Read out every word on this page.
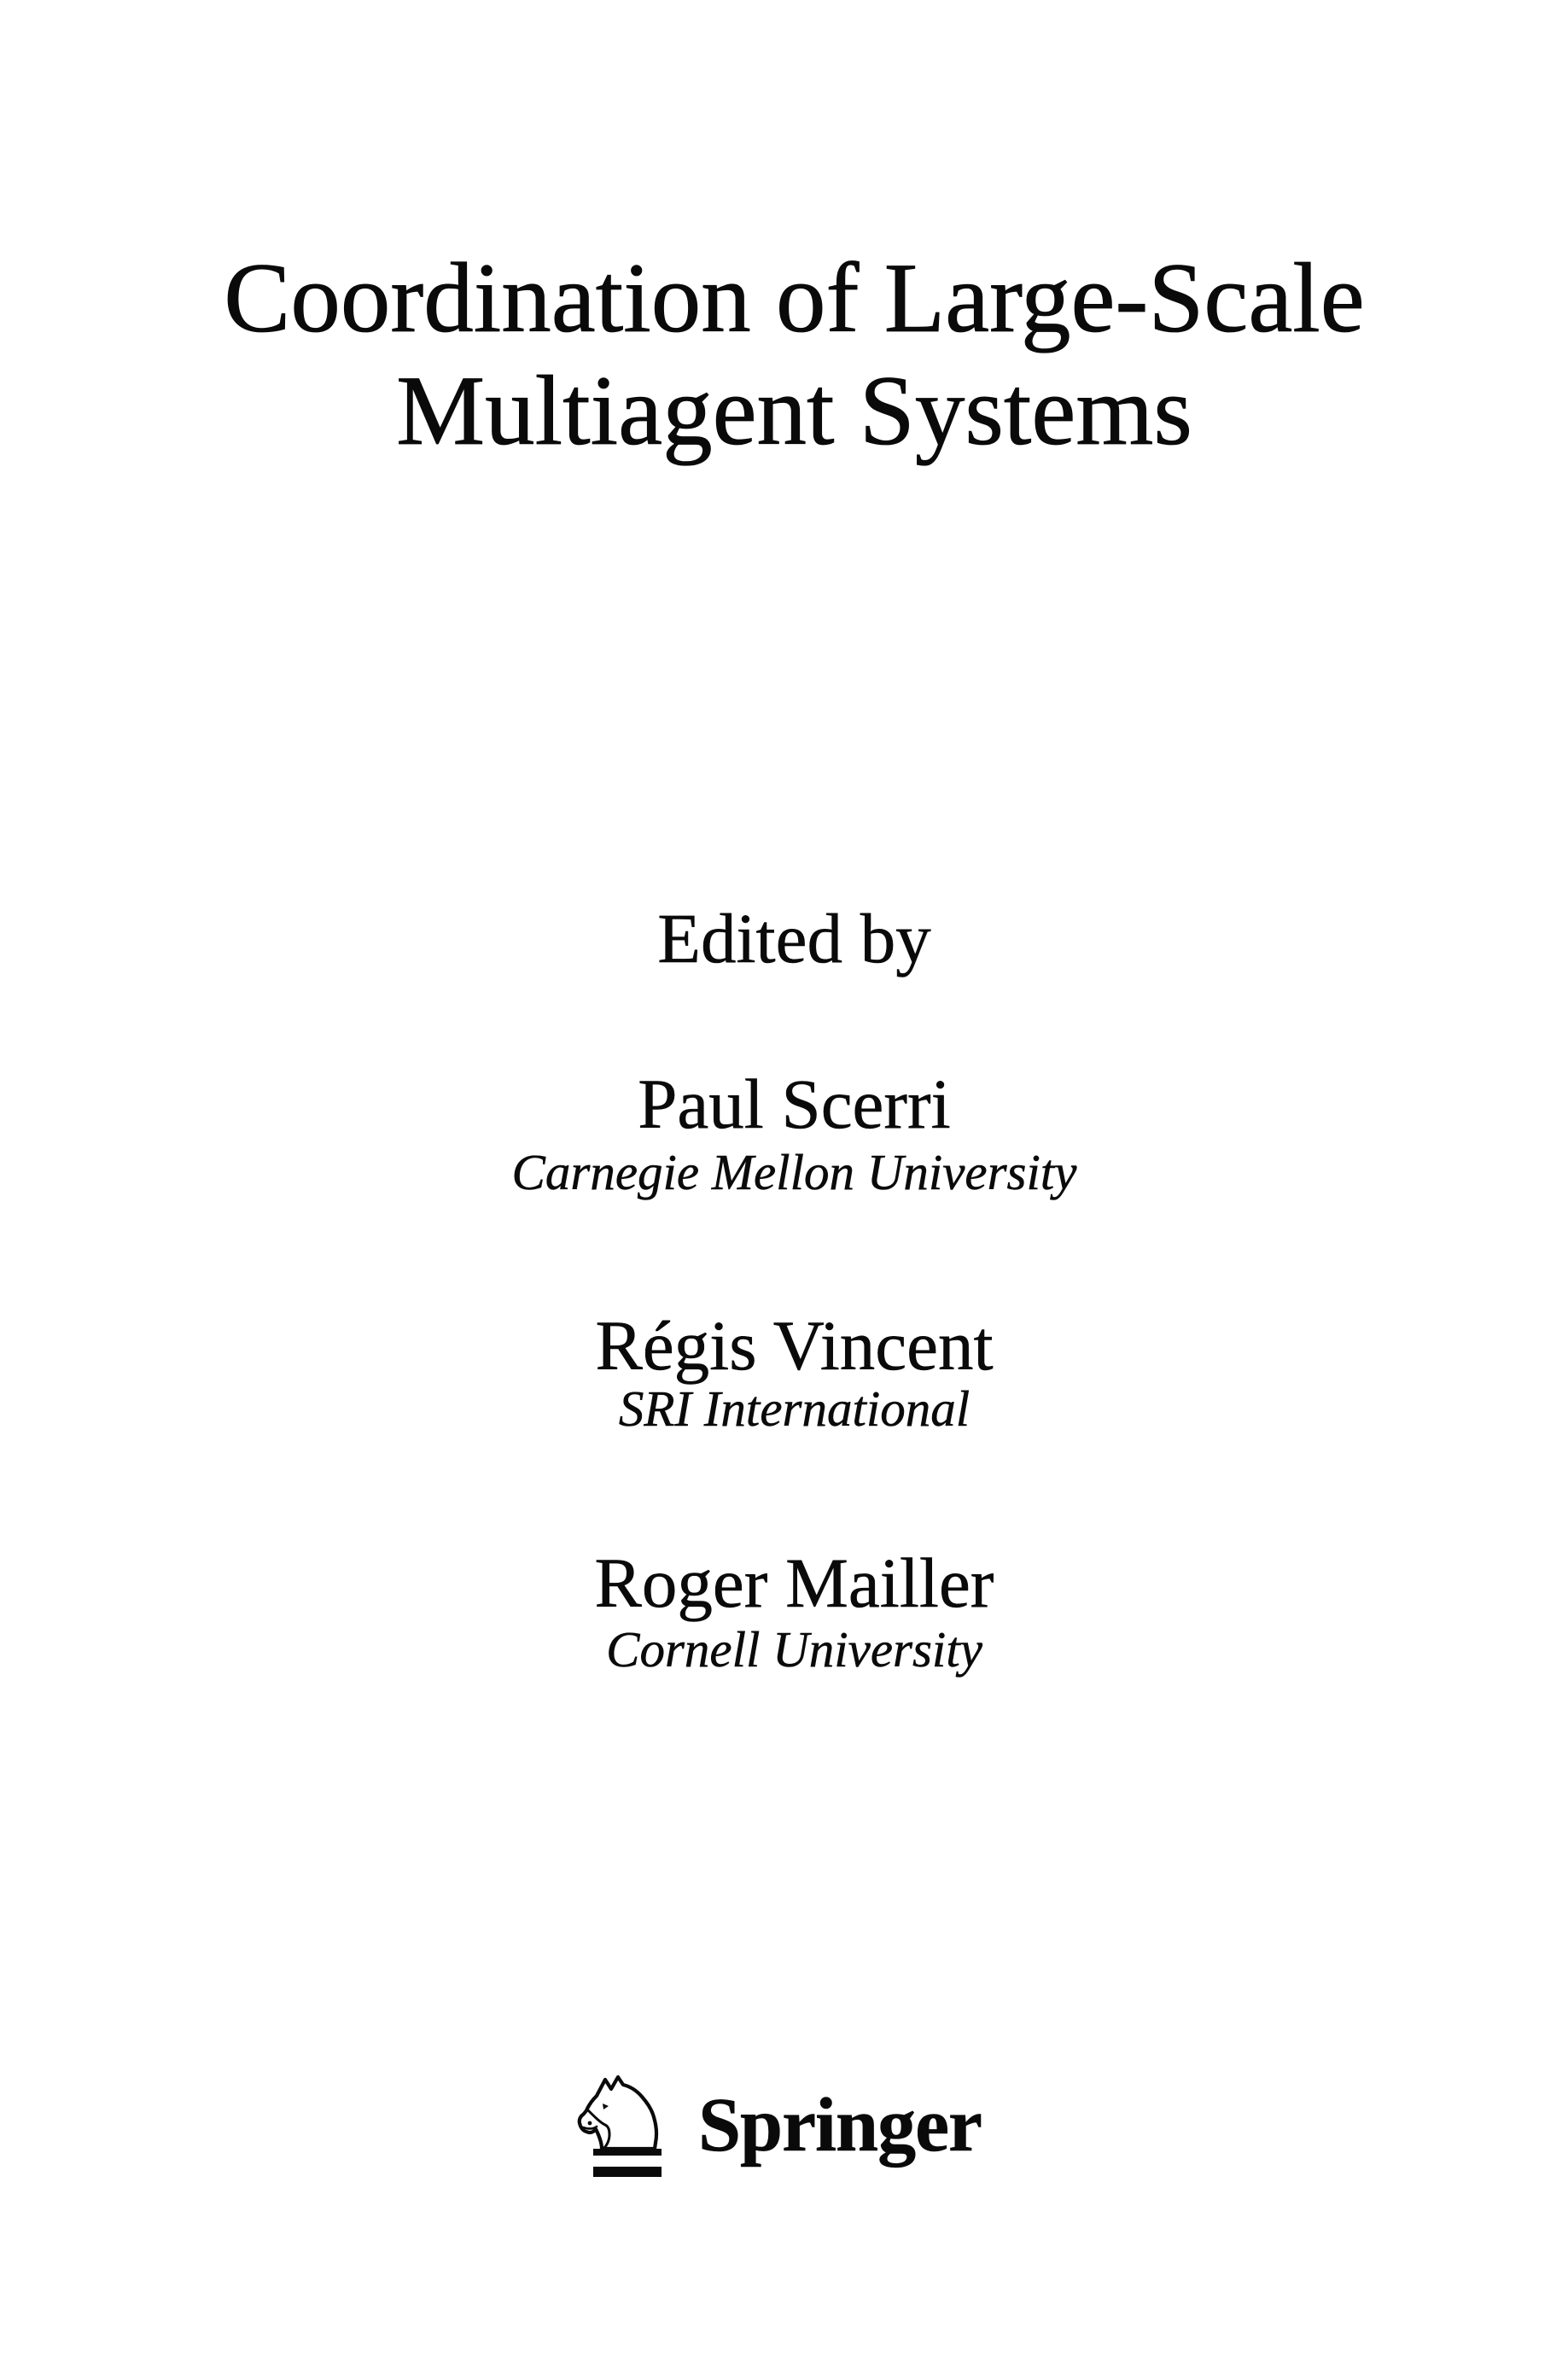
Coordination of Large-Scale
Multiagent Systems
Edited by
Paul Scerri
Carnegie Mellon University
Régis Vincent
SRI International
Roger Mailler
Cornell University
Springer
